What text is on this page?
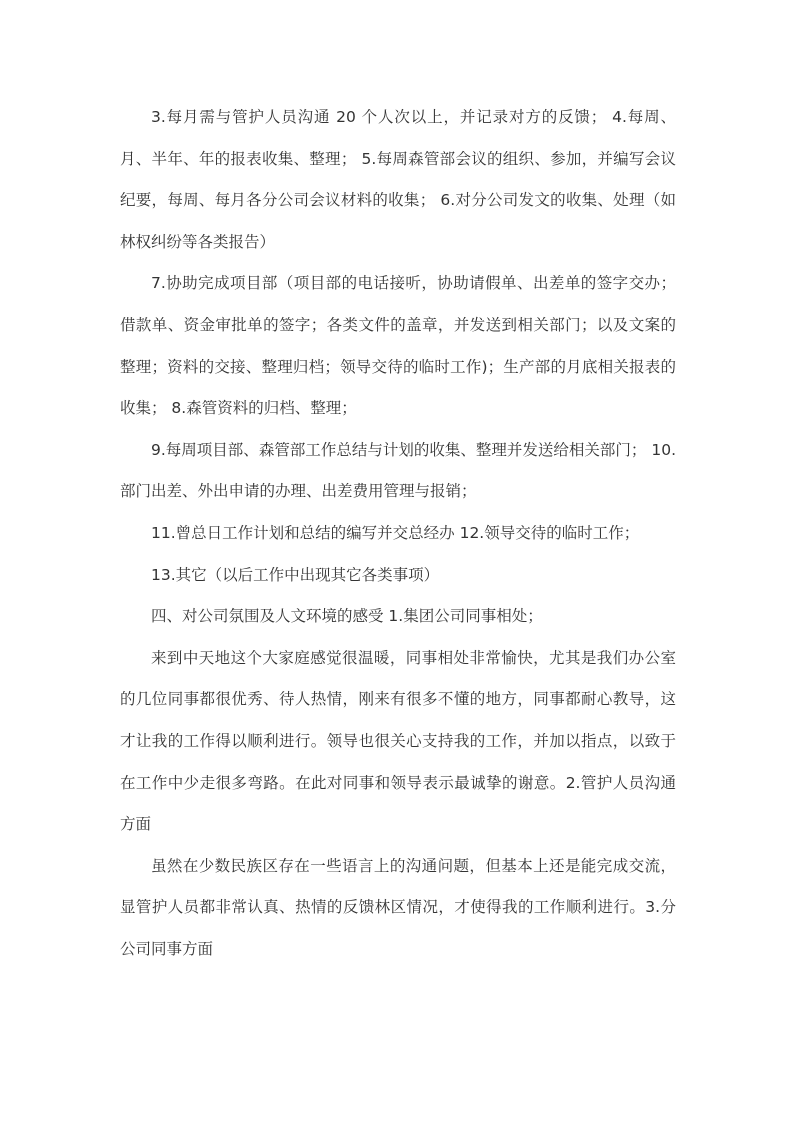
3.每月需与管护人员沟通 20 个人次以上，并记录对方的反馈； 4.每周、月、半年、年的报表收集、整理； 5.每周森管部会议的组织、参加，并编写会议纪要，每周、每月各分公司会议材料的收集； 6.对分公司发文的收集、处理（如林权纠纷等各类报告）

7.协助完成项目部（项目部的电话接听，协助请假单、出差单的签字交办；借款单、资金审批单的签字；各类文件的盖章，并发送到相关部门；以及文案的整理；资料的交接、整理归档；领导交待的临时工作)；生产部的月底相关报表的收集； 8.森管资料的归档、整理；

9.每周项目部、森管部工作总结与计划的收集、整理并发送给相关部门； 10.部门出差、外出申请的办理、出差费用管理与报销；

11.曾总日工作计划和总结的编写并交总经办 12.领导交待的临时工作；

13.其它（以后工作中出现其它各类事项）

四、对公司氛围及人文环境的感受 1.集团公司同事相处；

来到中天地这个大家庭感觉很温暖，同事相处非常愉快，尤其是我们办公室的几位同事都很优秀、待人热情，刚来有很多不懂的地方，同事都耐心教导，这才让我的工作得以顺利进行。领导也很关心支持我的工作，并加以指点，以致于在工作中少走很多弯路。在此对同事和领导表示最诚挚的谢意。2.管护人员沟通方面

虽然在少数民族区存在一些语言上的沟通问题，但基本上还是能完成交流，显管护人员都非常认真、热情的反馈林区情况，才使得我的工作顺利进行。3.分公司同事方面
